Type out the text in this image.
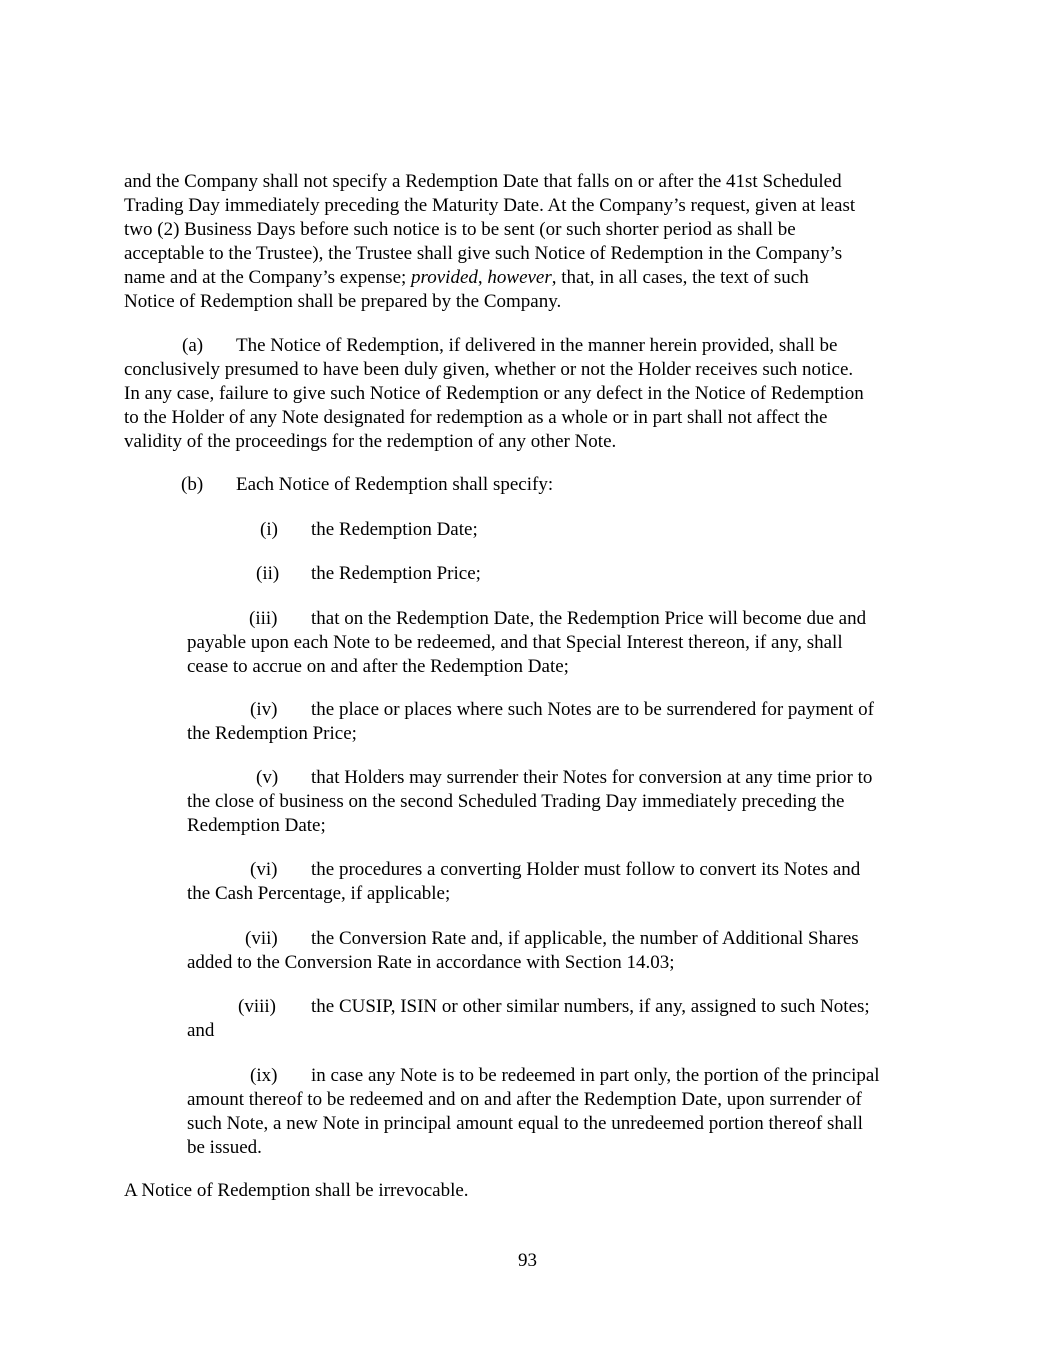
and the Company shall not specify a Redemption Date that falls on or after the 41st Scheduled
Trading Day immediately preceding the Maturity Date. At the Company’s request, given at least
two (2) Business Days before such notice is to be sent (or such shorter period as shall be
acceptable to the Trustee), the Trustee shall give such Notice of Redemption in the Company’s
name and at the Company’s expense; provided, however, that, in all cases, the text of such
Notice of Redemption shall be prepared by the Company.
(a) The Notice of Redemption, if delivered in the manner herein provided, shall be
conclusively presumed to have been duly given, whether or not the Holder receives such notice.
In any case, failure to give such Notice of Redemption or any defect in the Notice of Redemption
to the Holder of any Note designated for redemption as a whole or in part shall not affect the
validity of the proceedings for the redemption of any other Note.
(b) Each Notice of Redemption shall specify:
(i) the Redemption Date;
(ii) the Redemption Price;
(iii) that on the Redemption Date, the Redemption Price will become due and
payable upon each Note to be redeemed, and that Special Interest thereon, if any, shall
cease to accrue on and after the Redemption Date;
(iv) the place or places where such Notes are to be surrendered for payment of
the Redemption Price;
(v) that Holders may surrender their Notes for conversion at any time prior to
the close of business on the second Scheduled Trading Day immediately preceding the
Redemption Date;
(vi) the procedures a converting Holder must follow to convert its Notes and
the Cash Percentage, if applicable;
(vii) the Conversion Rate and, if applicable, the number of Additional Shares
added to the Conversion Rate in accordance with Section 14.03;
(viii) the CUSIP, ISIN or other similar numbers, if any, assigned to such Notes;
and
(ix) in case any Note is to be redeemed in part only, the portion of the principal
amount thereof to be redeemed and on and after the Redemption Date, upon surrender of
such Note, a new Note in principal amount equal to the unredeemed portion thereof shall
be issued.
A Notice of Redemption shall be irrevocable.
93
